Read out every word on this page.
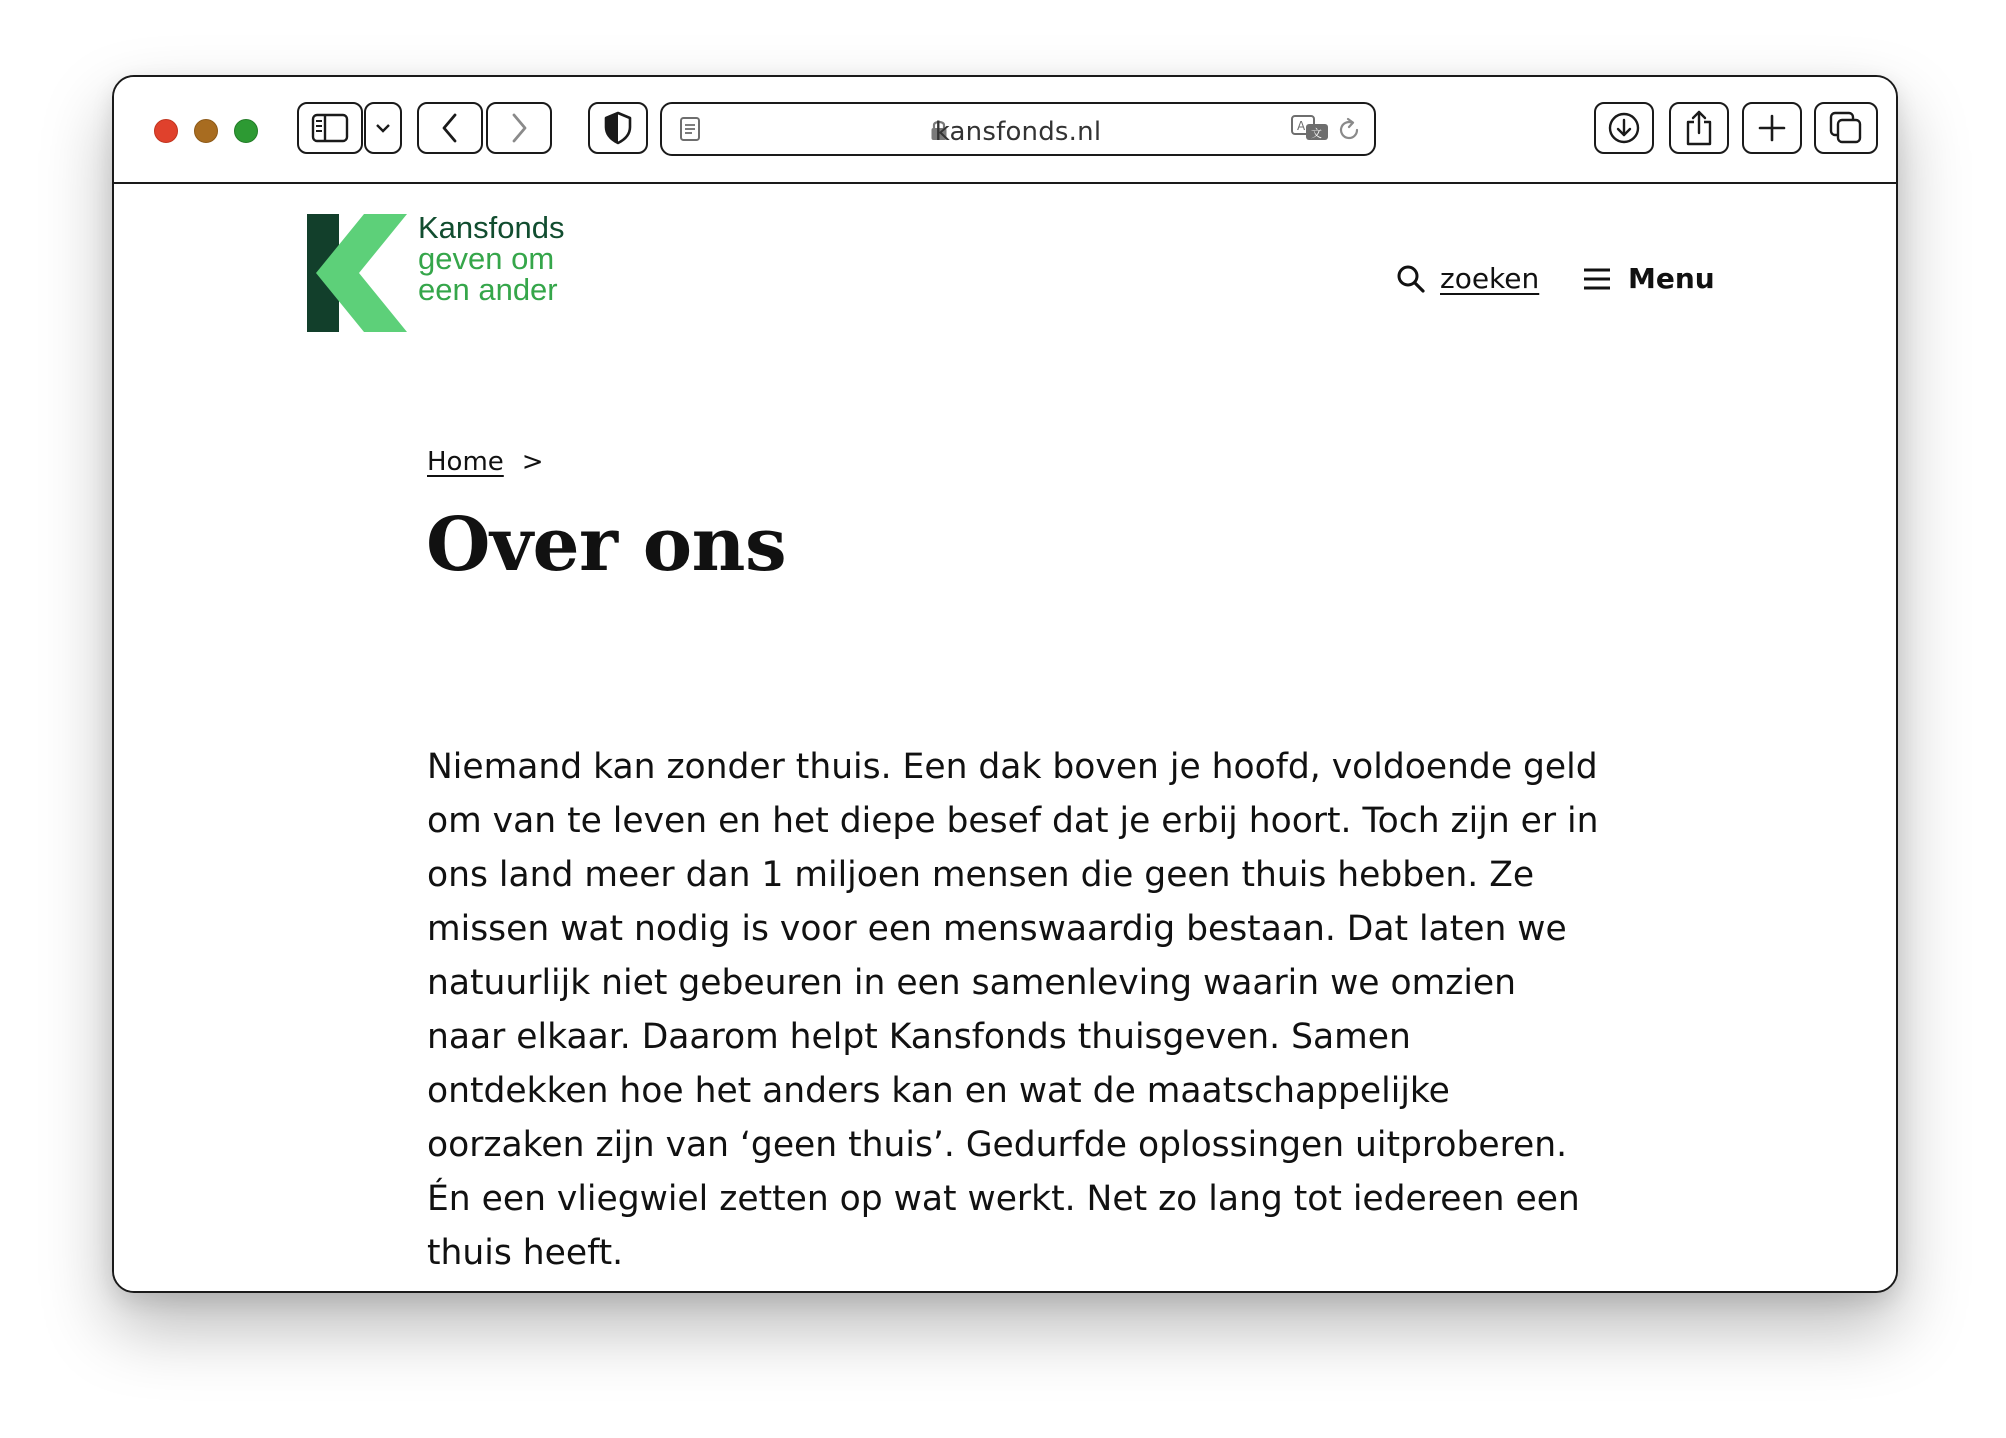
kansfonds.nl	A
文
Kansfonds
geven om
een ander	zoeken	Menu
Home >
Over ons

Niemand kan zonder thuis. Een dak boven je hoofd, voldoende geld om van te leven en het diepe besef dat je erbij hoort. Toch zijn er in ons land meer dan 1 miljoen mensen die geen thuis hebben. Ze missen wat nodig is voor een menswaardig bestaan. Dat laten we natuurlijk niet gebeuren in een samenleving waarin we omzien naar elkaar. Daarom helpt Kansfonds thuisgeven. Samen ontdekken hoe het anders kan en wat de maatschappelijke oorzaken zijn van ‘geen thuis’. Gedurfde oplossingen uitproberen. Én een vliegwiel zetten op wat werkt. Net zo lang tot iedereen een thuis heeft.
